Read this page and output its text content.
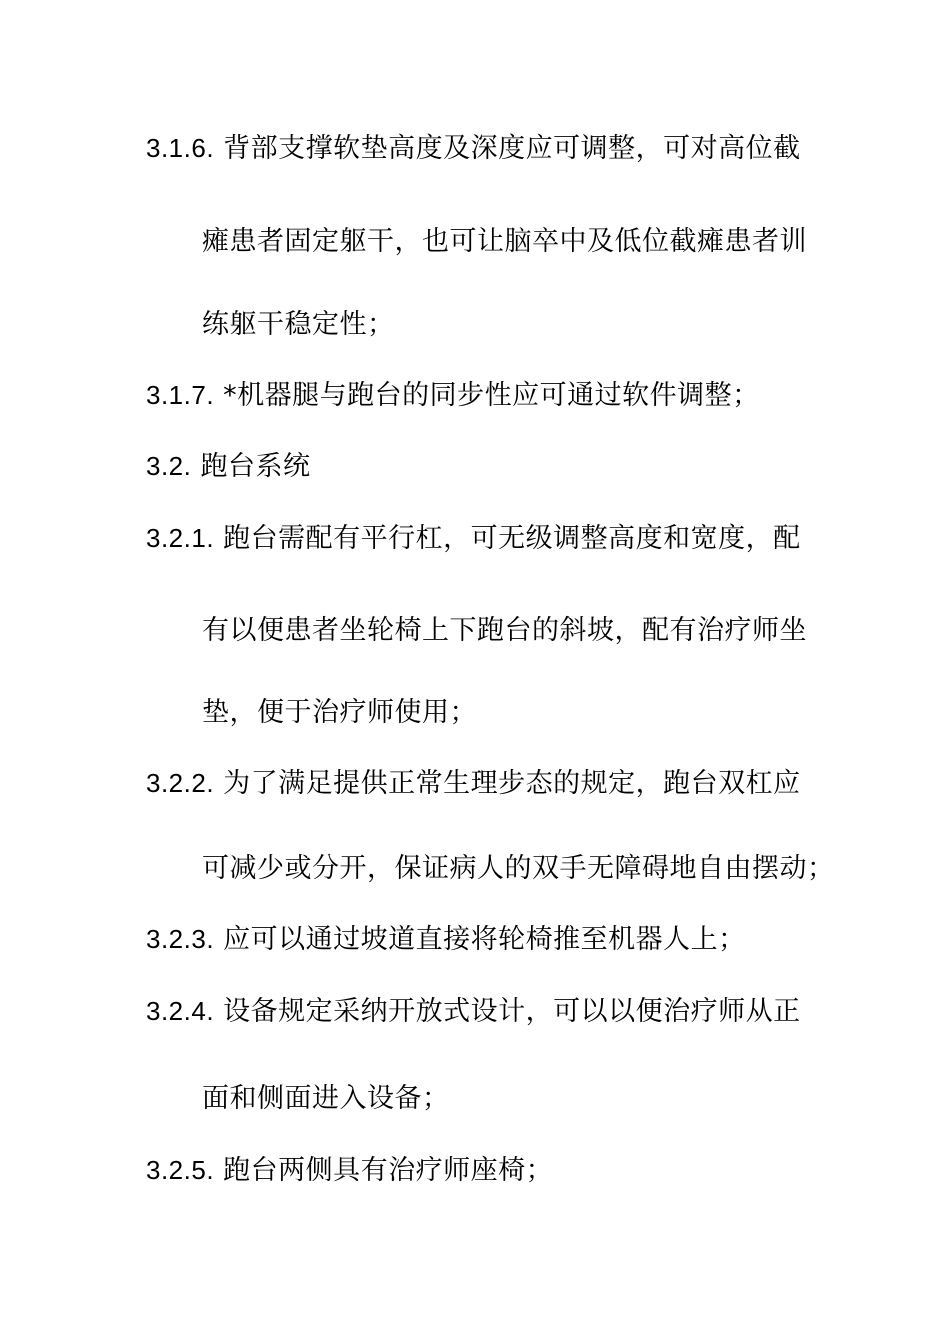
3.1.6. 背部支撑软垫高度及深度应可调整，可对高位截
瘫患者固定躯干，也可让脑卒中及低位截瘫患者训
练躯干稳定性；
3.1.7. *机器腿与跑台的同步性应可通过软件调整；
3.2. 跑台系统
3.2.1. 跑台需配有平行杠，可无级调整高度和宽度，配
有以便患者坐轮椅上下跑台的斜坡，配有治疗师坐
垫，便于治疗师使用；
3.2.2. 为了满足提供正常生理步态的规定，跑台双杠应
可减少或分开，保证病人的双手无障碍地自由摆动；
3.2.3. 应可以通过坡道直接将轮椅推至机器人上；
3.2.4. 设备规定采纳开放式设计，可以以便治疗师从正
面和侧面进入设备；
3.2.5. 跑台两侧具有治疗师座椅；
